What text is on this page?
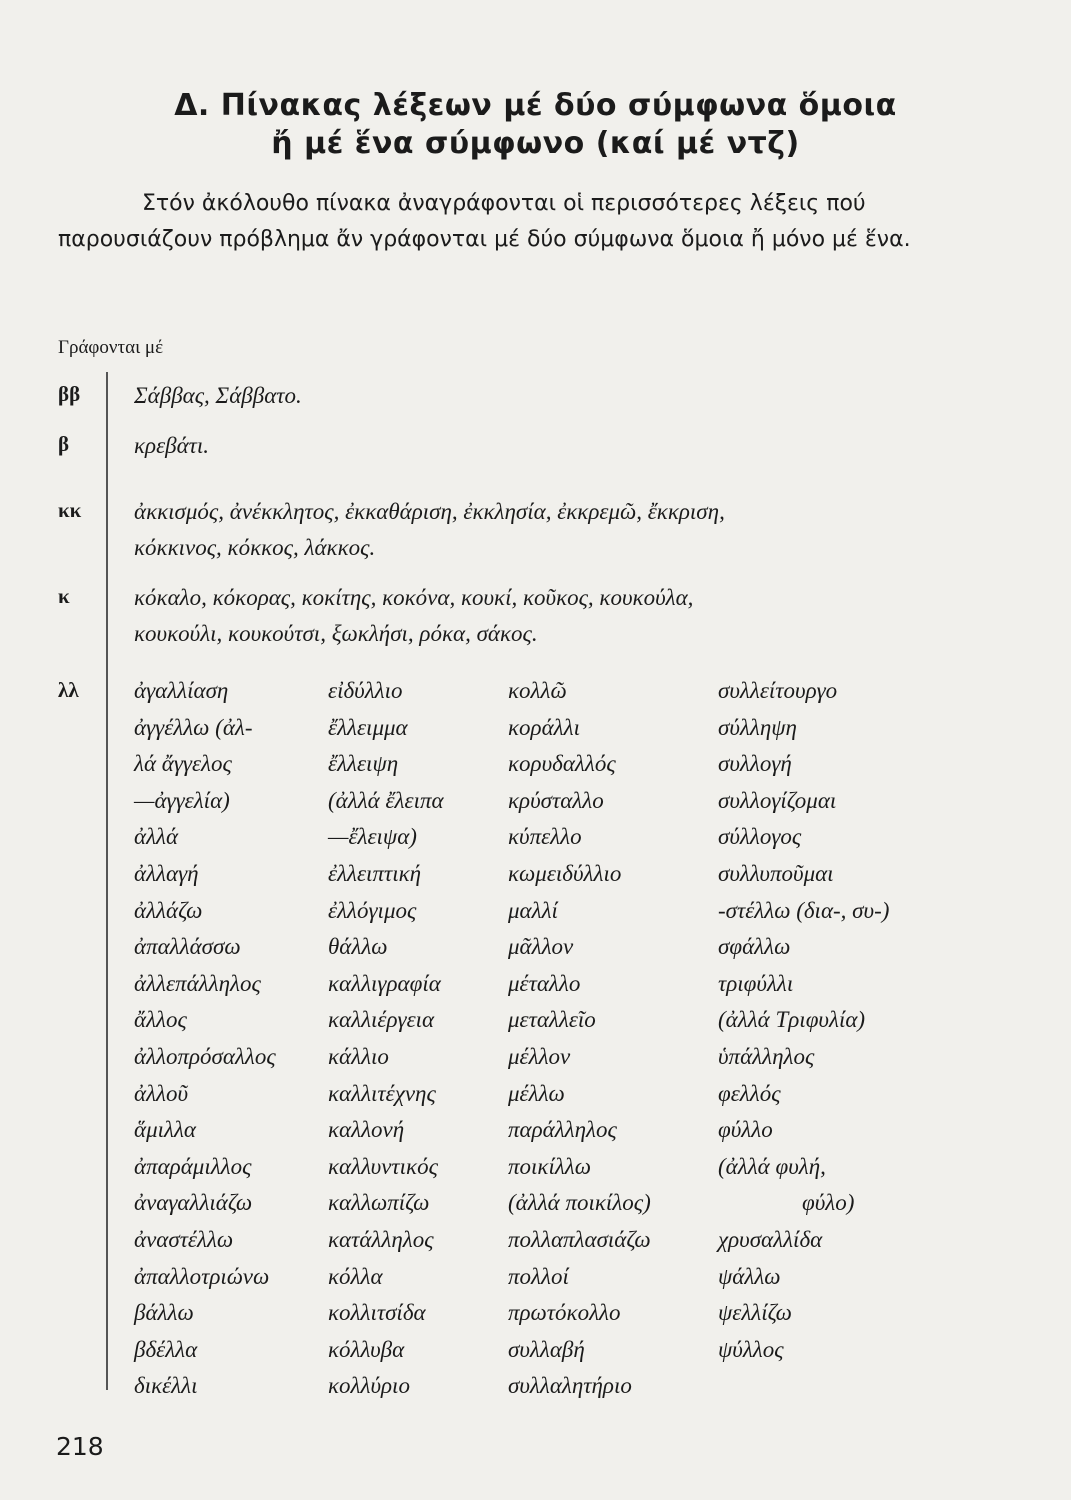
Δ. Πίνακας λέξεων μέ δύο σύμφωνα ὅμοια
ἤ μέ ἕνα σύμφωνο (καί μέ ντζ)

Στόν ἀκόλουθο πίνακα ἀναγράφονται οἱ περισσότερες λέξεις πού παρουσιάζουν πρόβλημα ἄν γράφονται μέ δύο σύμφωνα ὅμοια ἤ μόνο μέ ἕνα.

Γράφονται μέ
ββ Σάββας, Σάββατο.
β	κρεβάτι.
κκ ἀκκισμός, ἀνέκκλητος, ἐκκαθάριση, ἐκκλησία, ἐκκρεμῶ, ἔκκριση,
κόκκινος, κόκκος, λάκκος.
κ	κόκαλο, κόκορας, κοκίτης, κοκόνα, κουκί, κοῦκος, κουκούλα,
κουκούλι, κουκούτσι, ξωκλήσι, ρόκα, σάκος.
λλ ἀγαλλίαση
ἀγγέλλω (ἀλ-
λά ἄγγελος
—ἀγγελία)
ἀλλά
ἀλλαγή
ἀλλάζω
ἀπαλλάσσω
ἀλλεπάλληλος
ἄλλος
ἀλλοπρόσαλλος
ἀλλοῦ
ἅμιλλα
ἀπαράμιλλος
ἀναγαλλιάζω
ἀναστέλλω
ἀπαλλοτριώνω
βάλλω
βδέλλα
δικέλλι
εἰδύλλιο
ἔλλειμμα
ἔλλειψη
(ἀλλά ἔλειπα
—ἔλειψα)
ἐλλειπτική
ἐλλόγιμος
θάλλω
καλλιγραφία
καλλιέργεια
κάλλιο
καλλιτέχνης
καλλονή
καλλυντικός
καλλωπίζω
κατάλληλος
κόλλα
κολλιτσίδα
κόλλυβα
κολλύριο
κολλῶ
κοράλλι
κορυδαλλός
κρύσταλλο
κύπελλο
κωμειδύλλιο
μαλλί
μᾶλλον
μέταλλο
μεταλλεῖο
μέλλον
μέλλω
παράλληλος
ποικίλλω
(ἀλλά ποικίλος)
πολλαπλασιάζω
πολλοί
πρωτόκολλο
συλλαβή
συλλαλητήριο
συλλείτουργο
σύλληψη
συλλογή
συλλογίζομαι
σύλλογος
συλλυποῦμαι
-στέλλω (δια-, συ-)
σφάλλω
τριφύλλι
(ἀλλά Τριφυλία)
ὑπάλληλος
φελλός
φύλλο
(ἀλλά φυλή,
φύλο)
χρυσαλλίδα
ψάλλω
ψελλίζω
ψύλλος
218
